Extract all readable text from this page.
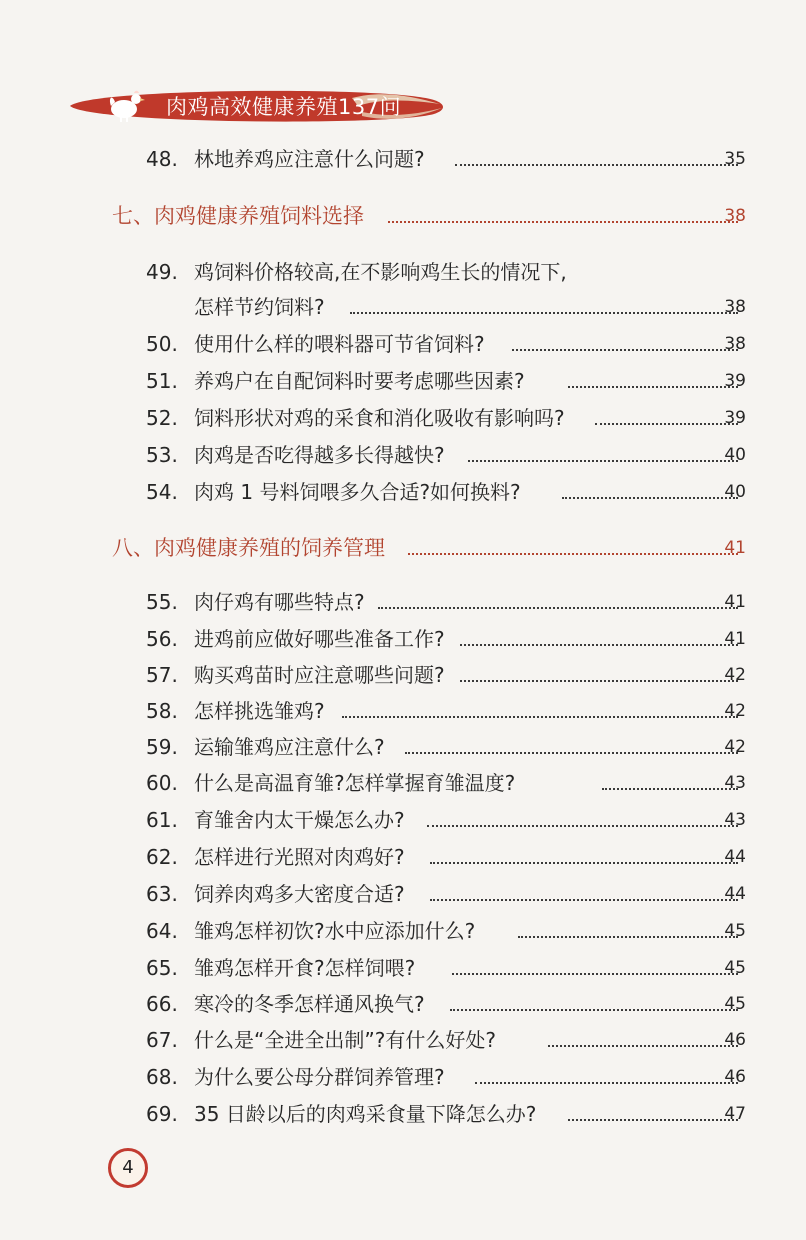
肉鸡高效健康养殖137问
48. 林地养鸡应注意什么问题?	35
七、肉鸡健康养殖饲料选择	38
49. 鸡饲料价格较高,在不影响鸡生长的情况下,
怎样节约饲料?	38
50. 使用什么样的喂料器可节省饲料?	38
51. 养鸡户在自配饲料时要考虑哪些因素?	39
52. 饲料形状对鸡的采食和消化吸收有影响吗?	39
53. 肉鸡是否吃得越多长得越快?	40
54. 肉鸡 1 号料饲喂多久合适?如何换料?	40
八、肉鸡健康养殖的饲养管理	41
55. 肉仔鸡有哪些特点?	41
56. 进鸡前应做好哪些准备工作?	41
57. 购买鸡苗时应注意哪些问题?	42
58. 怎样挑选雏鸡?	42
59. 运输雏鸡应注意什么?	42
60. 什么是高温育雏?怎样掌握育雏温度?	43
61. 育雏舍内太干燥怎么办?	43
62. 怎样进行光照对肉鸡好?	44
63. 饲养肉鸡多大密度合适?	44
64. 雏鸡怎样初饮?水中应添加什么?	45
65. 雏鸡怎样开食?怎样饲喂?	45
66. 寒冷的冬季怎样通风换气?	45
67. 什么是“全进全出制”?有什么好处?	46
68. 为什么要公母分群饲养管理?	46
69. 35 日龄以后的肉鸡采食量下降怎么办?	47
4
